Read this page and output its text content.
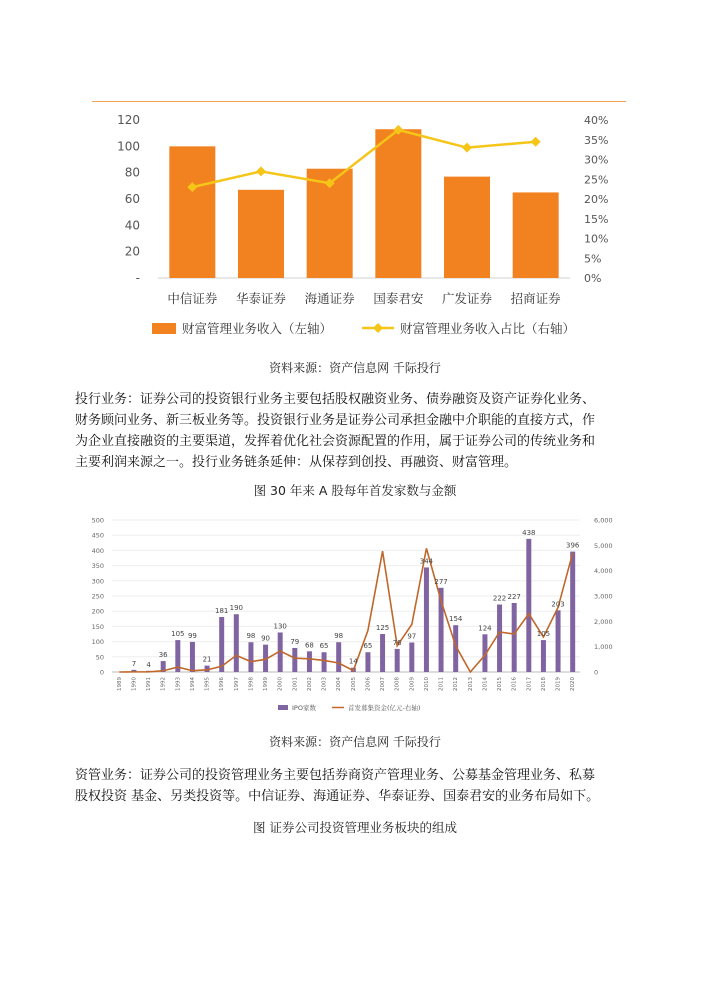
120
100
80
60
40
20
-
40%
35%
30%
25%
20%
15%
10%
5%
0%
中信证券 华泰证券 海通证券 国泰君安 广发证券 招商证券
财富管理业务收入（左轴）	财富管理业务收入占比（右轴）
资料来源：资产信息网 千际投行
投行业务：证券公司的投资银行业务主要包括股权融资业务、债券融资及资产证券化业务、
财务顾问业务、新三板业务等。投资银行业务是证券公司承担金融中介职能的直接方式，作
为企业直接融资的主要渠道，发挥着优化社会资源配置的作用，属于证券公司的传统业务和
主要利润来源之一。投行业务链条延伸：从保荐到创投、再融资、财富管理。
图 30 年来 A 股每年首发家数与金额
500
450
400
350
300
250
200
150
100
50
0
6,000
5,000
4,000
3,000
2,000
1,000
0
7 4
36
105 99
21
181 190
98 90
130
79 68 65
98
14
65
125
76
97
344
277
154
124
222 227
438
105
203
396
1989 1990 1991 1992 1993 1994 1995 1996 1997 1998 1999 2000 2001 2002 2003 2004 2005 2006 2007 2008 2009 2010 2011 2012 2013 2014 2015 2016 2017 2018 2019 2020
IPO家数	首发募集资金(亿元-右轴)
资料来源：资产信息网 千际投行
资管业务：证券公司的投资管理业务主要包括券商资产管理业务、公募基金管理业务、私募
股权投资 基金、另类投资等。中信证券、海通证券、华泰证券、国泰君安的业务布局如下。
图 证券公司投资管理业务板块的组成
